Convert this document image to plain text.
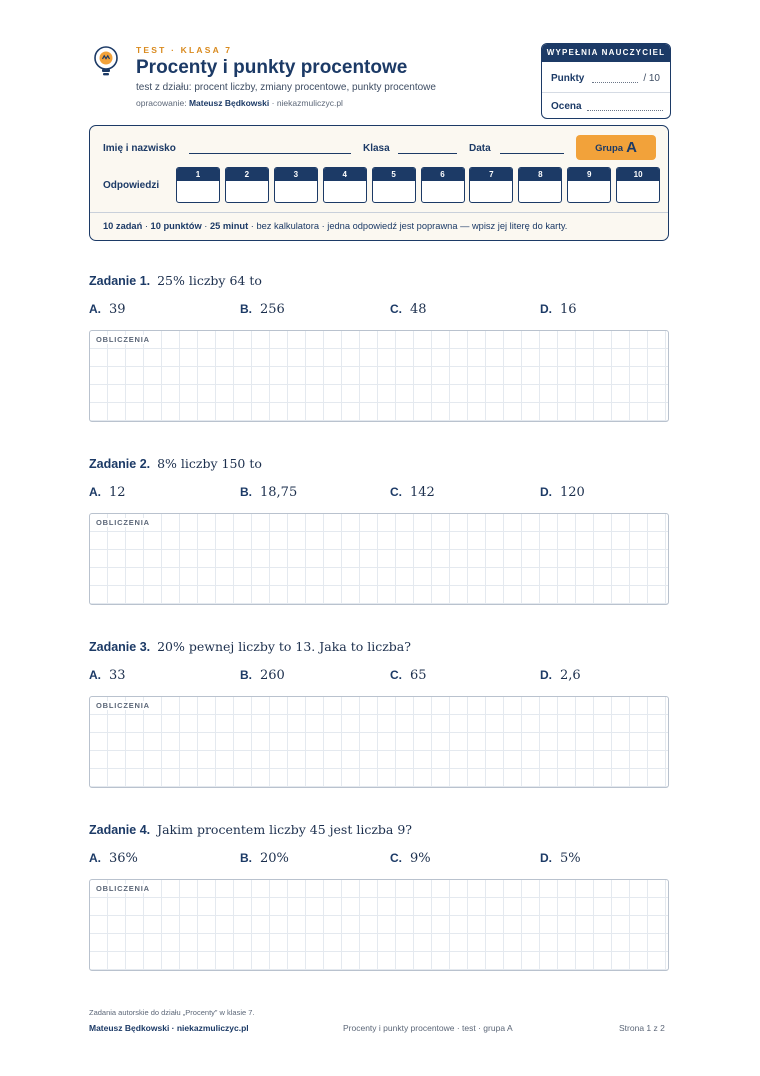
TEST · KLASA 7
Procenty i punkty procentowe
test z działu: procent liczby, zmiany procentowe, punkty procentowe
opracowanie: Mateusz Będkowski · niekazmuliczyc.pl
WYPEŁNIA NAUCZYCIEL
Punkty	/ 10
Ocena
Imię i nazwisko	Klasa	Data	Grupa A
Odpowiedzi
1	2	3	4	5	6	7	8	9	10
10 zadań · 10 punktów · 25 minut · bez kalkulatora · jedna odpowiedź jest poprawna — wpisz jej literę do karty.
Zadanie 1. 25% liczby 64 to
A. 39	B. 256	C. 48	D. 16
OBLICZENIA
Zadanie 2. 8% liczby 150 to
A. 12	B. 18,75	C. 142	D. 120
OBLICZENIA
Zadanie 3. 20% pewnej liczby to 13. Jaka to liczba?
A. 33	B. 260	C. 65	D. 2,6
OBLICZENIA
Zadanie 4. Jakim procentem liczby 45 jest liczba 9?
A. 36%	B. 20%	C. 9%	D. 5%
OBLICZENIA
Zadania autorskie do działu „Procenty” w klasie 7.
Mateusz Będkowski · niekazmuliczyc.pl	Procenty i punkty procentowe · test · grupa A	Strona 1 z 2
